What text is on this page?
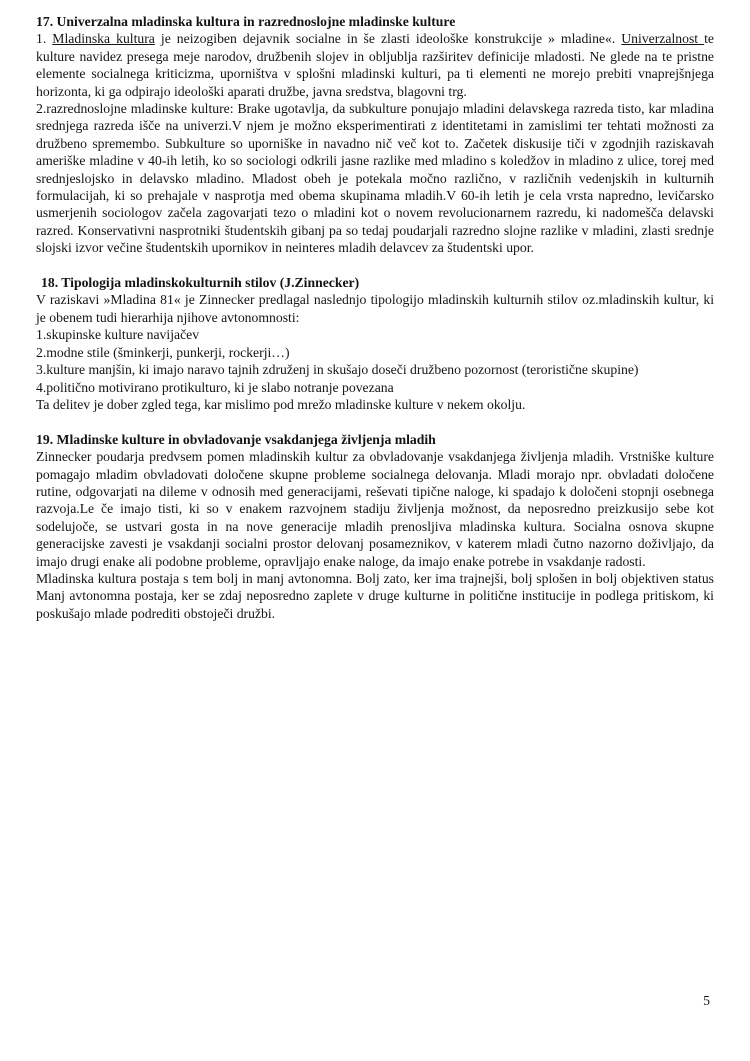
17. Univerzalna mladinska kultura in razrednoslojne mladinske kulture

1. Mladinska kultura je neizogiben dejavnik socialne in še zlasti ideološke konstrukcije » mladine«. Univerzalnost te kulture navidez presega meje narodov, družbenih slojev in obljublja razširitev definicije mladosti. Ne glede na te pristne elemente socialnega kriticizma, uporništva v splošni mladinski kulturi, pa ti elementi ne morejo prebiti vnaprejšnjega horizonta, ki ga odpirajo ideološki aparati družbe, javna sredstva, blagovni trg.

2.razrednoslojne mladinske kulture: Brake ugotavlja, da subkulture ponujajo mladini delavskega razreda tisto, kar mladina srednjega razreda išče na univerzi.V njem je možno eksperimentirati z identitetami in zamislimi ter tehtati možnosti za družbeno spremembo. Subkulture so uporniške in navadno nič več kot to. Začetek diskusije tiči v zgodnjih raziskavah ameriške mladine v 40-ih letih, ko so sociologi odkrili jasne razlike med mladino s koledžov in mladino z ulice, torej med srednjeslojsko in delavsko mladino. Mladost obeh je potekala močno različno, v različnih vedenjskih in kulturnih formulacijah, ki so prehajale v nasprotja med obema skupinama mladih.V 60-ih letih je cela vrsta napredno, levičarsko usmerjenih sociologov začela zagovarjati tezo o mladini kot o novem revolucionarnem razredu, ki nadomešča delavski razred. Konservativni nasprotniki študentskih gibanj pa so tedaj poudarjali razredno slojne razlike v mladini, zlasti srednje slojski izvor večine študentskih upornikov in neinteres mladih delavcev za študentski upor.

18. Tipologija mladinskokulturnih stilov (J.Zinnecker)

V raziskavi »Mladina 81« je Zinnecker predlagal naslednjo tipologijo mladinskih kulturnih stilov oz.mladinskih kultur, ki je obenem tudi hierarhija njihove avtonomnosti:

1.skupinske kulture navijačev

2.modne stile (šminkerji, punkerji, rockerji…)

3.kulture manjšin, ki imajo naravo tajnih združenj in skušajo doseči družbeno pozornost (teroristične skupine)

4.politično motivirano protikulturo, ki je slabo notranje povezana

Ta delitev je dober zgled tega, kar mislimo pod mrežo mladinske kulture v nekem okolju.

19. Mladinske kulture in obvladovanje vsakdanjega življenja mladih

Zinnecker poudarja predvsem pomen mladinskih kultur za obvladovanje vsakdanjega življenja mladih. Vrstniške kulture pomagajo mladim obvladovati določene skupne probleme socialnega delovanja. Mladi morajo npr. obvladati določene rutine, odgovarjati na dileme v odnosih med generacijami, reševati tipične naloge, ki spadajo k določeni stopnji osebnega razvoja.Le če imajo tisti, ki so v enakem razvojnem stadiju življenja možnost, da neposredno preizkusijo sebe kot sodelujoče, se ustvari gosta in na nove generacije mladih prenosljiva mladinska kultura. Socialna osnova skupne generacijske zavesti je vsakdanji socialni prostor delovanj posameznikov, v katerem mladi čutno nazorno doživljajo, da imajo drugi enake ali podobne probleme, opravljajo enake naloge, da imajo enake potrebe in vsakdanje radosti.

Mladinska kultura postaja s tem bolj in manj avtonomna. Bolj zato, ker ima trajnejši, bolj splošen in bolj objektiven status Manj avtonomna postaja, ker se zdaj neposredno zaplete v druge kulturne in politične institucije in podlega pritiskom, ki poskušajo mlade podrediti obstoječi družbi.

5
